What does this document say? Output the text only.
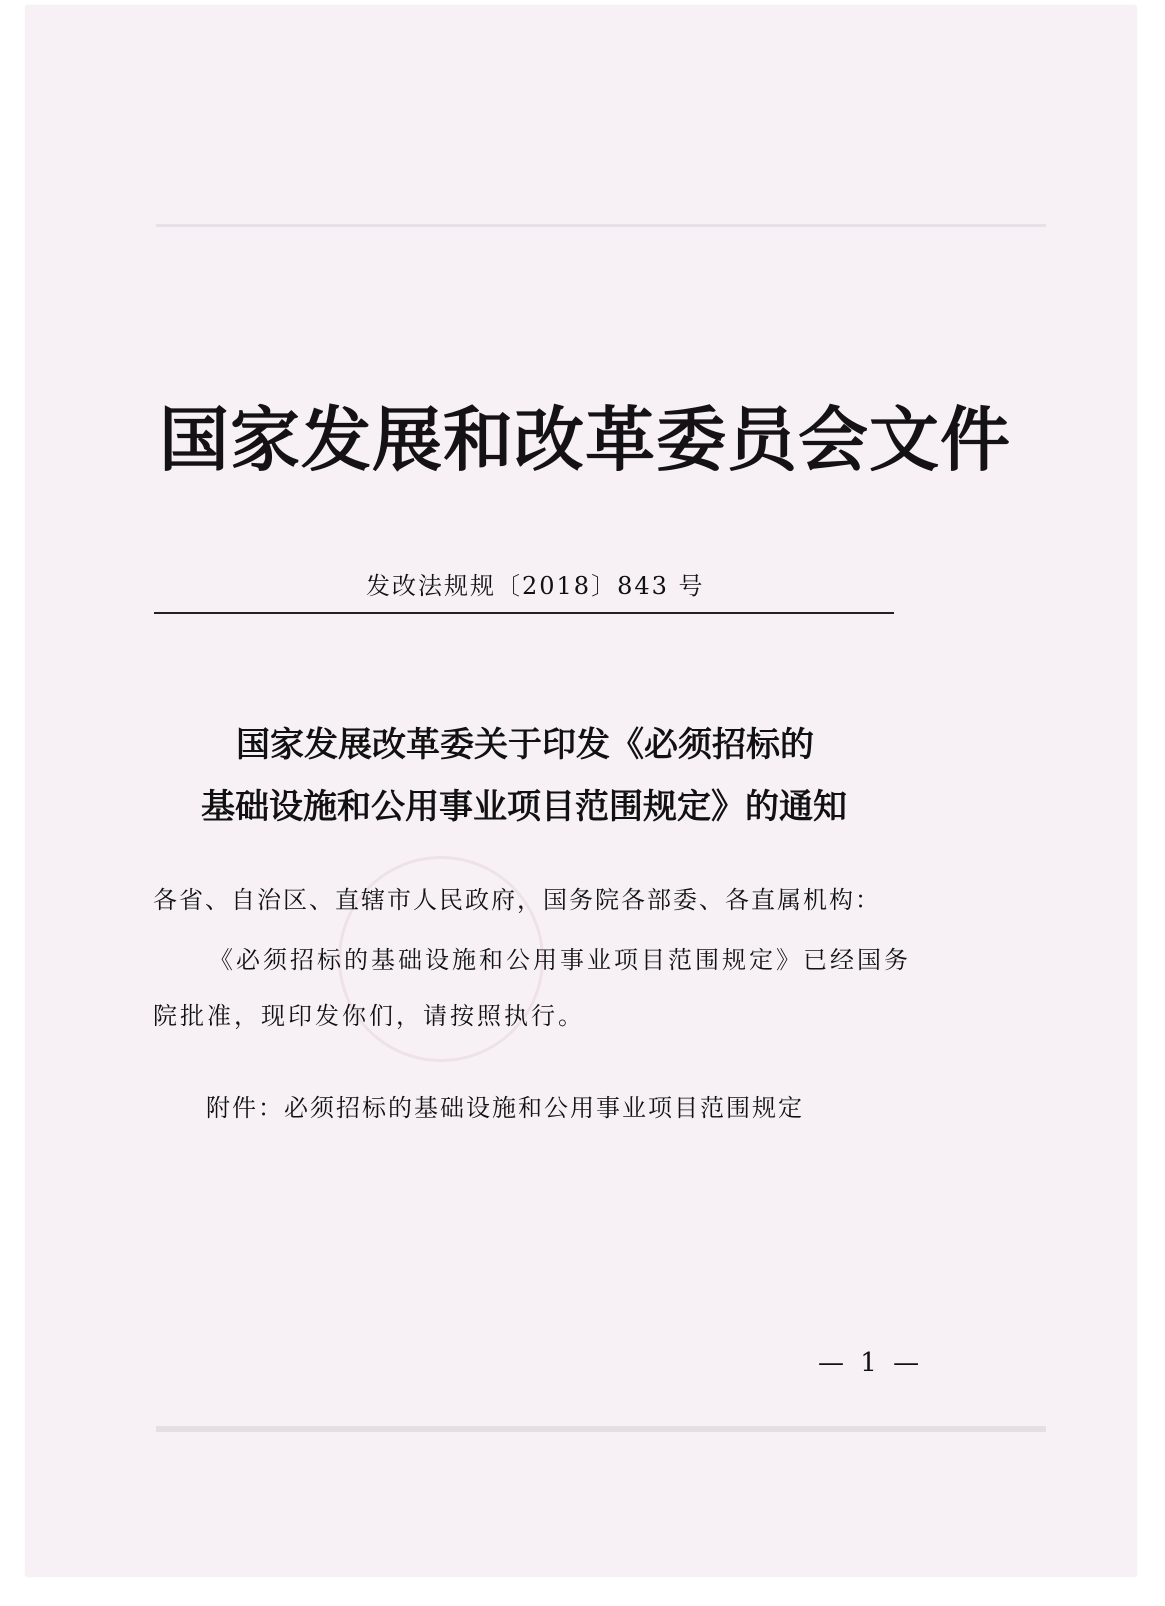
国家发展和改革委员会文件
发改法规规〔2018〕843 号
国家发展改革委关于印发《必须招标的
基础设施和公用事业项目范围规定》的通知
各省、自治区、直辖市人民政府，国务院各部委、各直属机构：
《必须招标的基础设施和公用事业项目范围规定》已经国务院批准，现印发你们，请按照执行。
附件：必须招标的基础设施和公用事业项目范围规定
— 1 —
